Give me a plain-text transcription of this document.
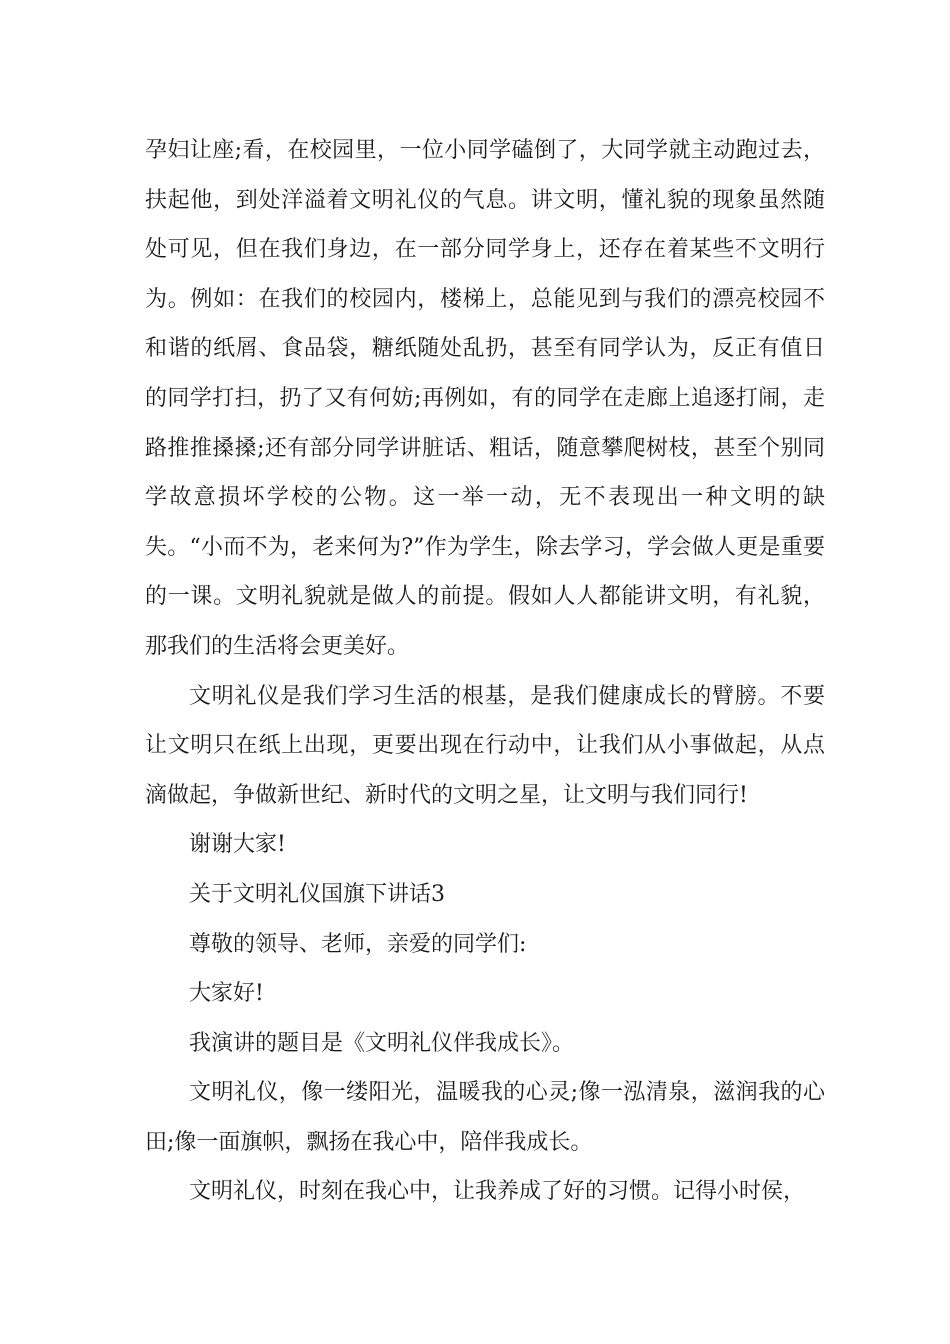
孕妇让座;看，在校园里，一位小同学磕倒了，大同学就主动跑过去，扶起他，到处洋溢着文明礼仪的气息。讲文明，懂礼貌的现象虽然随处可见，但在我们身边，在一部分同学身上，还存在着某些不文明行为。例如：在我们的校园内，楼梯上，总能见到与我们的漂亮校园不和谐的纸屑、食品袋，糖纸随处乱扔，甚至有同学认为，反正有值日的同学打扫，扔了又有何妨;再例如，有的同学在走廊上追逐打闹，走路推推搡搡;还有部分同学讲脏话、粗话，随意攀爬树枝，甚至个别同学故意损坏学校的公物。这一举一动，无不表现出一种文明的缺失。“小而不为，老来何为?”作为学生，除去学习，学会做人更是重要的一课。文明礼貌就是做人的前提。假如人人都能讲文明，有礼貌，那我们的生活将会更美好。

文明礼仪是我们学习生活的根基，是我们健康成长的臂膀。不要让文明只在纸上出现，更要出现在行动中，让我们从小事做起，从点滴做起，争做新世纪、新时代的文明之星，让文明与我们同行!

谢谢大家!

关于文明礼仪国旗下讲话3

尊敬的领导、老师，亲爱的同学们:

大家好!

我演讲的题目是《文明礼仪伴我成长》。

文明礼仪，像一缕阳光，温暖我的心灵;像一泓清泉，滋润我的心田;像一面旗帜，飘扬在我心中，陪伴我成长。

文明礼仪，时刻在我心中，让我养成了好的习惯。记得小时侯，
